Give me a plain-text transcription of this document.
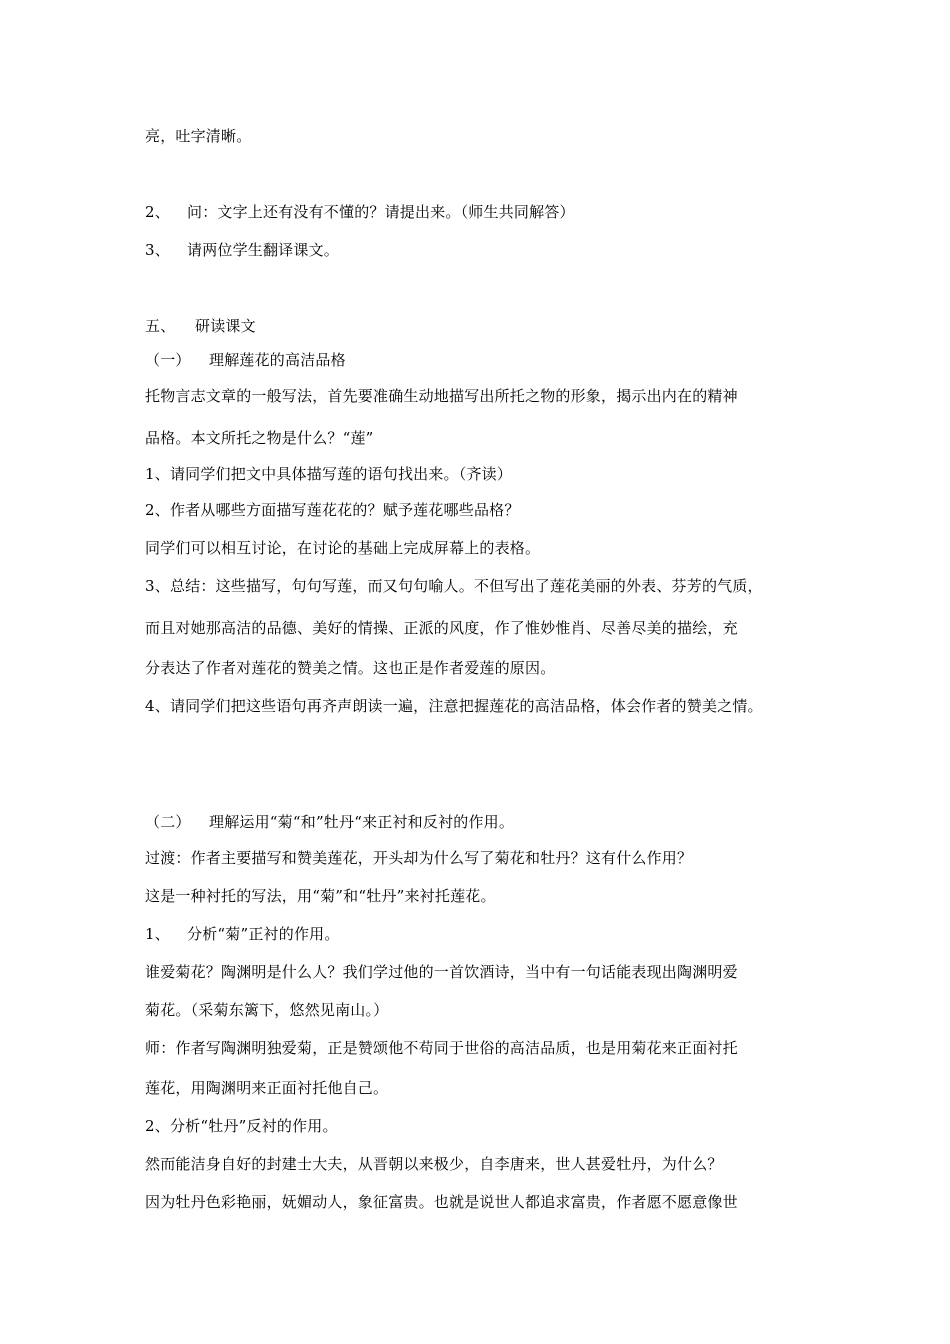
亮，吐字清晰。
2、 问：文字上还有没有不懂的？请提出来。（师生共同解答）
3、 请两位学生翻译课文。
五、 研读课文
（一） 理解莲花的高洁品格
托物言志文章的一般写法，首先要准确生动地描写出所托之物的形象，揭示出内在的精神
品格。本文所托之物是什么？“莲”
1、请同学们把文中具体描写莲的语句找出来。（齐读）
2、作者从哪些方面描写莲花花的？赋予莲花哪些品格？
同学们可以相互讨论，在讨论的基础上完成屏幕上的表格。
3、总结：这些描写，句句写莲，而又句句喻人。不但写出了莲花美丽的外表、芬芳的气质，
而且对她那高洁的品德、美好的情操、正派的风度，作了惟妙惟肖、尽善尽美的描绘，充
分表达了作者对莲花的赞美之情。这也正是作者爱莲的原因。
4、请同学们把这些语句再齐声朗读一遍，注意把握莲花的高洁品格，体会作者的赞美之情。
（二） 理解运用“菊“和”牡丹“来正衬和反衬的作用。
过渡：作者主要描写和赞美莲花，开头却为什么写了菊花和牡丹？这有什么作用？
这是一种衬托的写法，用“菊”和“牡丹”来衬托莲花。
1、 分析“菊”正衬的作用。
谁爱菊花？陶渊明是什么人？我们学过他的一首饮酒诗，当中有一句话能表现出陶渊明爱
菊花。（采菊东篱下，悠然见南山。）
师：作者写陶渊明独爱菊，正是赞颂他不苟同于世俗的高洁品质，也是用菊花来正面衬托
莲花，用陶渊明来正面衬托他自己。
2、分析“牡丹”反衬的作用。
然而能洁身自好的封建士大夫，从晋朝以来极少，自李唐来，世人甚爱牡丹，为什么？
因为牡丹色彩艳丽，妩媚动人，象征富贵。也就是说世人都追求富贵，作者愿不愿意像世
